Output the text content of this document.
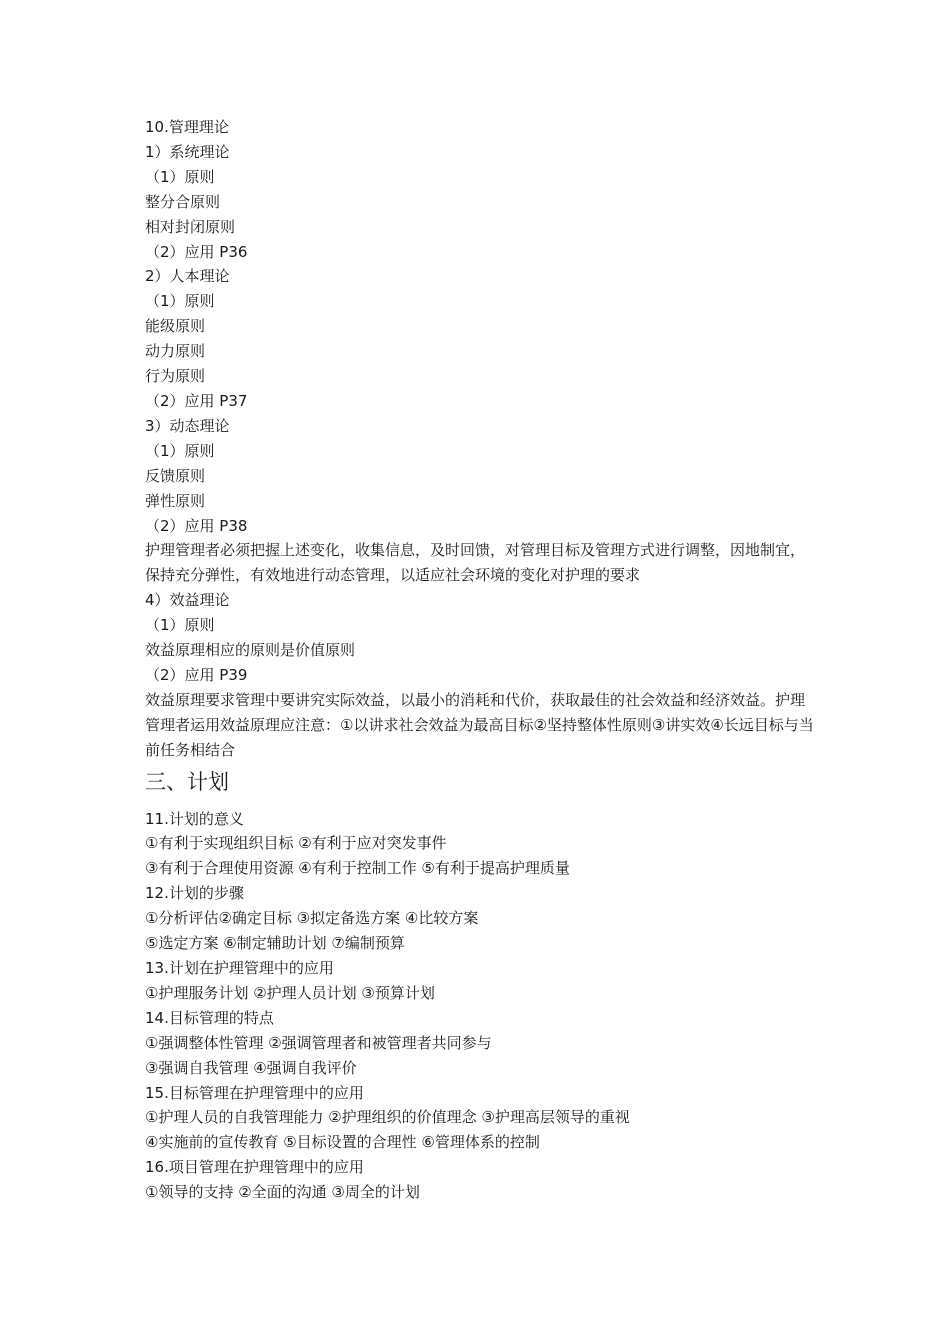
10.管理理论

1）系统理论

（1）原则

整分合原则

相对封闭原则

（2）应用 P36

2）人本理论

（1）原则

能级原则

动力原则

行为原则

（2）应用 P37

3）动态理论

（1）原则

反馈原则

弹性原则

（2）应用 P38

护理管理者必须把握上述变化，收集信息，及时回馈，对管理目标及管理方式进行调整，因地制宜，保持充分弹性，有效地进行动态管理，以适应社会环境的变化对护理的要求

4）效益理论

（1）原则

效益原理相应的原则是价值原则

（2）应用 P39

效益原理要求管理中要讲究实际效益，以最小的消耗和代价，获取最佳的社会效益和经济效益。护理管理者运用效益原理应注意：①以讲求社会效益为最高目标②坚持整体性原则③讲实效④长远目标与当前任务相结合

三、计划

11.计划的意义

①有利于实现组织目标 ②有利于应对突发事件

③有利于合理使用资源 ④有利于控制工作 ⑤有利于提高护理质量

12.计划的步骤

①分析评估②确定目标 ③拟定备选方案 ④比较方案

⑤选定方案 ⑥制定辅助计划 ⑦编制预算

13.计划在护理管理中的应用

①护理服务计划 ②护理人员计划 ③预算计划

14.目标管理的特点

①强调整体性管理 ②强调管理者和被管理者共同参与

③强调自我管理 ④强调自我评价

15.目标管理在护理管理中的应用

①护理人员的自我管理能力 ②护理组织的价值理念 ③护理高层领导的重视

④实施前的宣传教育 ⑤目标设置的合理性 ⑥管理体系的控制

16.项目管理在护理管理中的应用

①领导的支持 ②全面的沟通 ③周全的计划
